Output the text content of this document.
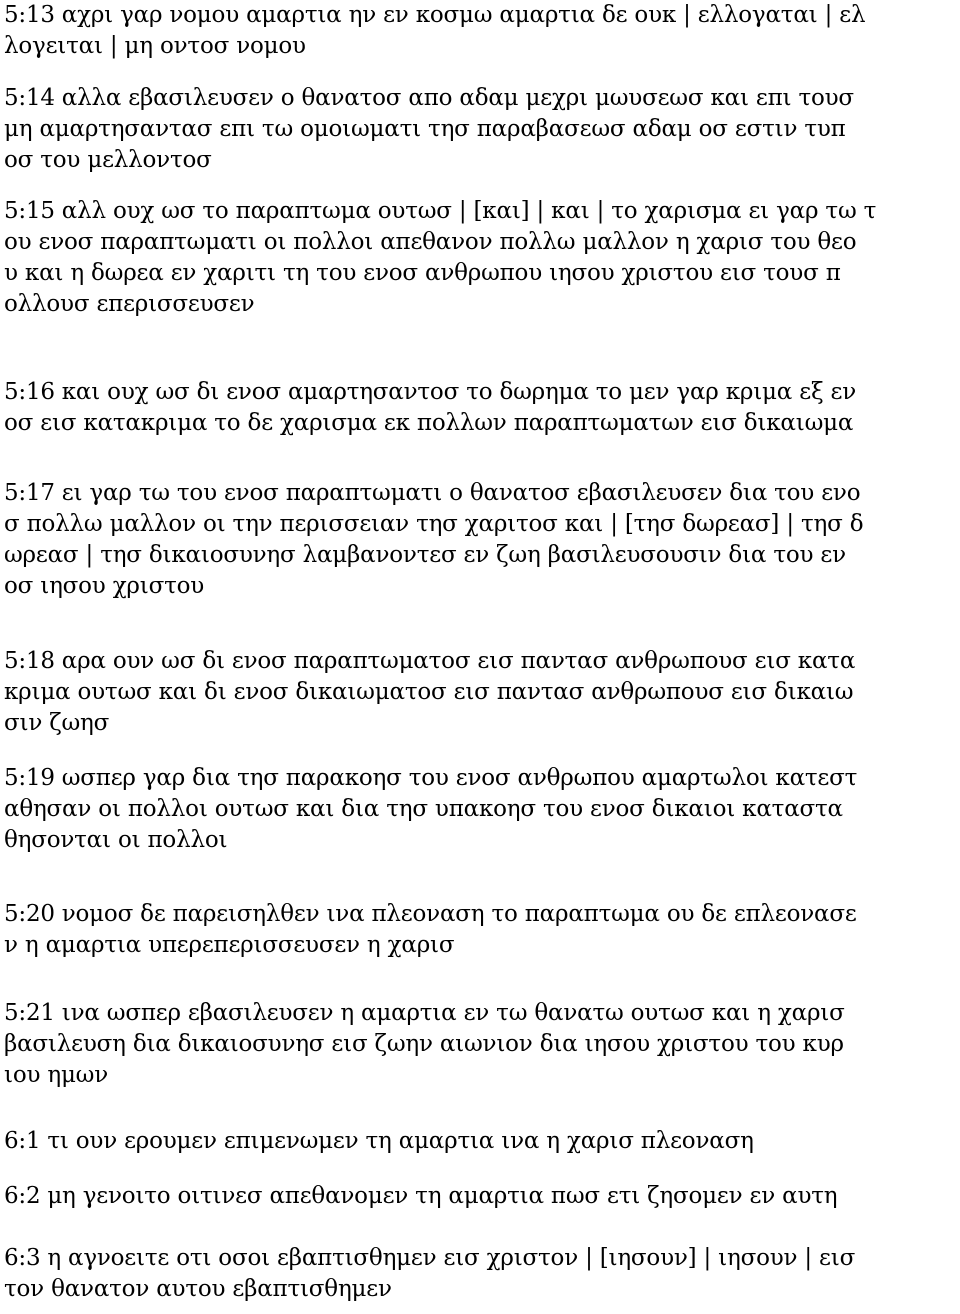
5:13 αχρι γαρ νομου αμαρτια ην εν κοσμω αμαρτια δε ουκ | ελλογαται | ελ
λογειται | μη οντοσ νομου
5:14 αλλα εβασιλευσεν ο θανατοσ απο αδαμ μεχρι μωυσεωσ και επι τουσ
μη αμαρτησαντασ επι τω ομοιωματι τησ παραβασεωσ αδαμ οσ εστιν τυπ
οσ του μελλοντοσ
5:15 αλλ ουχ ωσ το παραπτωμα ουτωσ | [και] | και | το χαρισμα ει γαρ τω τ
ου ενοσ παραπτωματι οι πολλοι απεθανον πολλω μαλλον η χαρισ του θεο
υ και η δωρεα εν χαριτι τη του ενοσ ανθρωπου ιησου χριστου εισ τουσ π
ολλουσ επερισσευσεν
5:16 και ουχ ωσ δι ενοσ αμαρτησαντοσ το δωρημα το μεν γαρ κριμα εξ εν
οσ εισ κατακριμα το δε χαρισμα εκ πολλων παραπτωματων εισ δικαιωμα
5:17 ει γαρ τω του ενοσ παραπτωματι ο θανατοσ εβασιλευσεν δια του ενο
σ πολλω μαλλον οι την περισσειαν τησ χαριτοσ και | [τησ δωρεασ] | τησ δ
ωρεασ | τησ δικαιοσυνησ λαμβανοντεσ εν ζωη βασιλευσουσιν δια του εν
οσ ιησου χριστου
5:18 αρα ουν ωσ δι ενοσ παραπτωματοσ εισ παντασ ανθρωπουσ εισ κατα
κριμα ουτωσ και δι ενοσ δικαιωματοσ εισ παντασ ανθρωπουσ εισ δικαιω
σιν ζωησ
5:19 ωσπερ γαρ δια τησ παρακοησ του ενοσ ανθρωπου αμαρτωλοι κατεστ
αθησαν οι πολλοι ουτωσ και δια τησ υπακοησ του ενοσ δικαιοι καταστα
θησονται οι πολλοι
5:20 νομοσ δε παρεισηλθεν ινα πλεοναση το παραπτωμα ου δε επλεονασε
ν η αμαρτια υπερεπερισσευσεν η χαρισ
5:21 ινα ωσπερ εβασιλευσεν η αμαρτια εν τω θανατω ουτωσ και η χαρισ
βασιλευση δια δικαιοσυνησ εισ ζωην αιωνιον δια ιησου χριστου του κυρ
ιου ημων
6:1 τι ουν ερουμεν επιμενωμεν τη αμαρτια ινα η χαρισ πλεοναση
6:2 μη γενοιτο οιτινεσ απεθανομεν τη αμαρτια πωσ ετι ζησομεν εν αυτη
6:3 η αγνοειτε οτι οσοι εβαπτισθημεν εισ χριστον | [ιησουν] | ιησουν | εισ
τον θανατον αυτου εβαπτισθημεν
